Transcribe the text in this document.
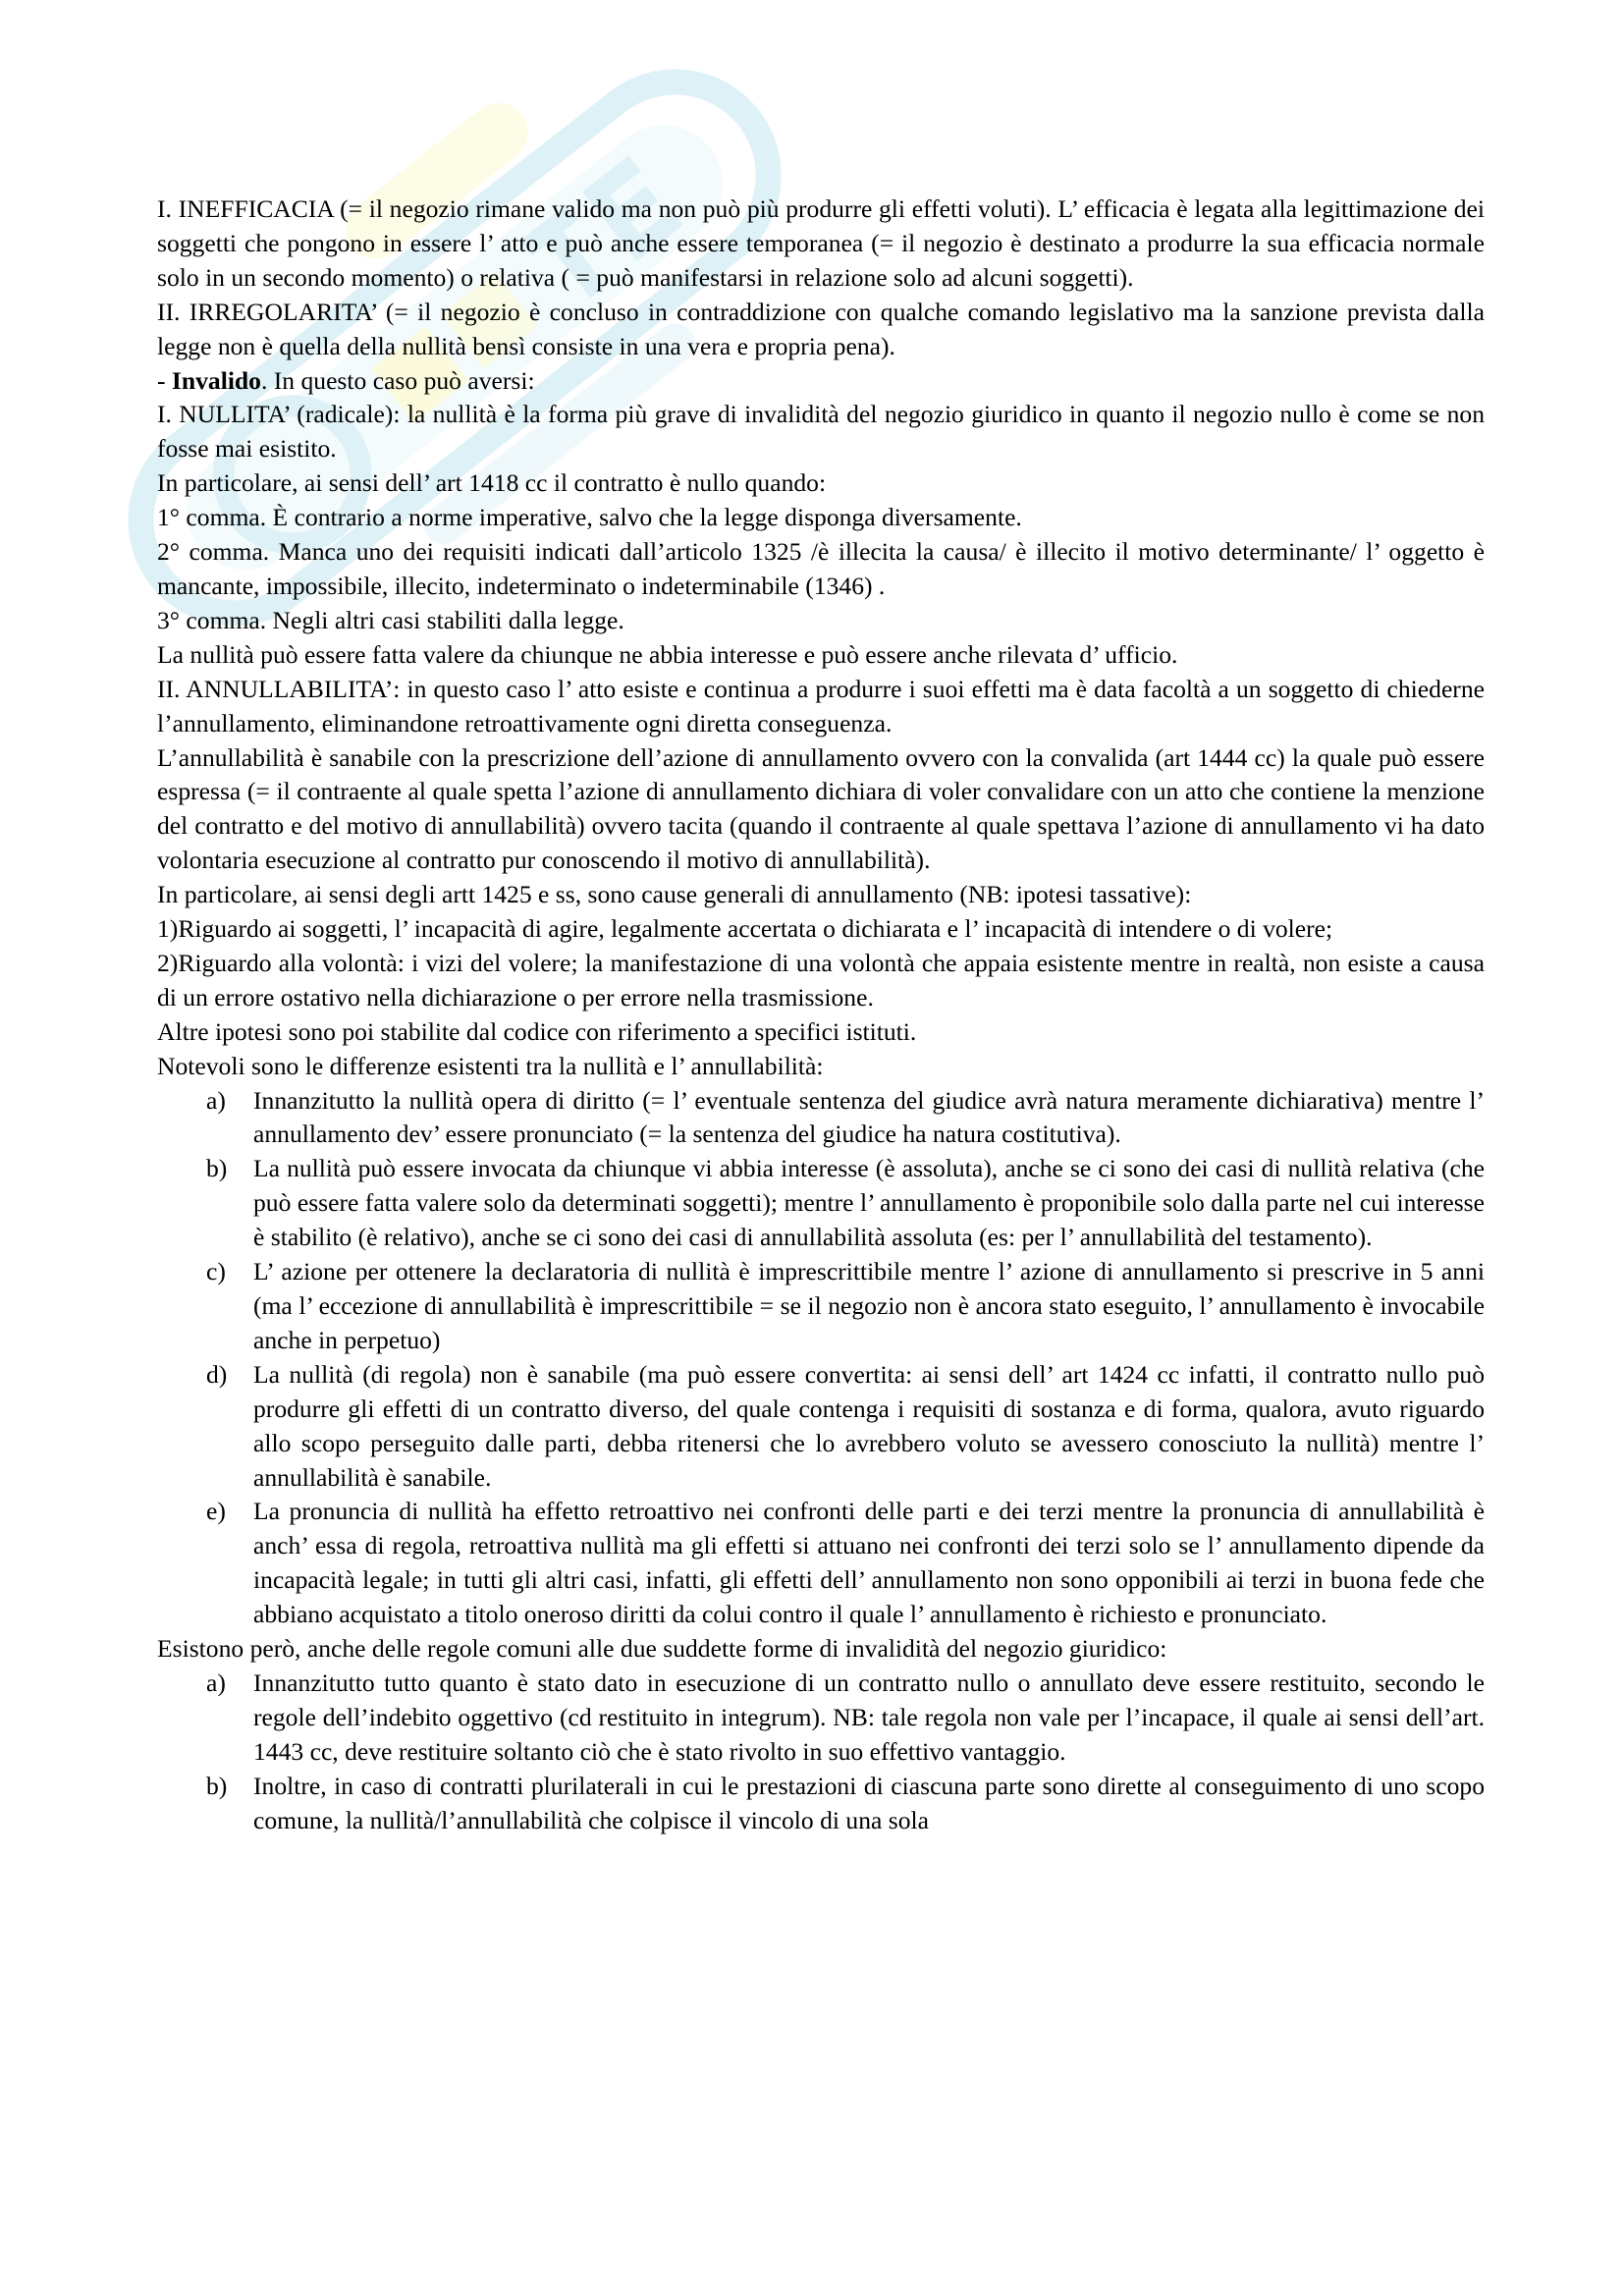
I. INEFFICACIA (= il negozio rimane valido ma non può più produrre gli effetti voluti). L’ efficacia è legata alla legittimazione dei soggetti che pongono in essere l’ atto e può anche essere temporanea (= il negozio è destinato a produrre la sua efficacia normale solo in un secondo momento) o relativa ( = può manifestarsi in relazione solo ad alcuni soggetti).

II. IRREGOLARITA’ (= il negozio è concluso in contraddizione con qualche comando legislativo ma la sanzione prevista dalla legge non è quella della nullità bensì consiste in una vera e propria pena).

- Invalido. In questo caso può aversi:

I. NULLITA’ (radicale): la nullità è la forma più grave di invalidità del negozio giuridico in quanto il negozio nullo è come se non fosse mai esistito.

In particolare, ai sensi dell’ art 1418 cc il contratto è nullo quando:

1° comma. È contrario a norme imperative, salvo che la legge disponga diversamente.

2° comma. Manca uno dei requisiti indicati dall’articolo 1325 /è illecita la causa/ è illecito il motivo determinante/ l’ oggetto è mancante, impossibile, illecito, indeterminato o indeterminabile (1346) .

3° comma. Negli altri casi stabiliti dalla legge.

La nullità può essere fatta valere da chiunque ne abbia interesse e può essere anche rilevata d’ ufficio.

II. ANNULLABILITA’: in questo caso l’ atto esiste e continua a produrre i suoi effetti ma è data facoltà a un soggetto di chiederne l’annullamento, eliminandone retroattivamente ogni diretta conseguenza.

L’annullabilità è sanabile con la prescrizione dell’azione di annullamento ovvero con la convalida (art 1444 cc) la quale può essere espressa (= il contraente al quale spetta l’azione di annullamento dichiara di voler convalidare con un atto che contiene la menzione del contratto e del motivo di annullabilità) ovvero tacita (quando il contraente al quale spettava l’azione di annullamento vi ha dato volontaria esecuzione al contratto pur conoscendo il motivo di annullabilità).

In particolare, ai sensi degli artt 1425 e ss, sono cause generali di annullamento (NB: ipotesi tassative):

1)Riguardo ai soggetti, l’ incapacità di agire, legalmente accertata o dichiarata e l’ incapacità di intendere o di volere;

2)Riguardo alla volontà: i vizi del volere; la manifestazione di una volontà che appaia esistente mentre in realtà, non esiste a causa di un errore ostativo nella dichiarazione o per errore nella trasmissione.

Altre ipotesi sono poi stabilite dal codice con riferimento a specifici istituti.

Notevoli sono le differenze esistenti tra la nullità e l’ annullabilità:

a) Innanzitutto la nullità opera di diritto (= l’ eventuale sentenza del giudice avrà natura meramente dichiarativa) mentre l’ annullamento dev’ essere pronunciato (= la sentenza del giudice ha natura costitutiva).
b) La nullità può essere invocata da chiunque vi abbia interesse (è assoluta), anche se ci sono dei casi di nullità relativa (che può essere fatta valere solo da determinati soggetti); mentre l’ annullamento è proponibile solo dalla parte nel cui interesse è stabilito (è relativo), anche se ci sono dei casi di annullabilità assoluta (es: per l’ annullabilità del testamento).
c) L’ azione per ottenere la declaratoria di nullità è imprescrittibile mentre l’ azione di annullamento si prescrive in 5 anni (ma l’ eccezione di annullabilità è imprescrittibile = se il negozio non è ancora stato eseguito, l’ annullamento è invocabile anche in perpetuo)
d) La nullità (di regola) non è sanabile (ma può essere convertita: ai sensi dell’ art 1424 cc infatti, il contratto nullo può produrre gli effetti di un contratto diverso, del quale contenga i requisiti di sostanza e di forma, qualora, avuto riguardo allo scopo perseguito dalle parti, debba ritenersi che lo avrebbero voluto se avessero conosciuto la nullità) mentre l’ annullabilità è sanabile.
e) La pronuncia di nullità ha effetto retroattivo nei confronti delle parti e dei terzi mentre la pronuncia di annullabilità è anch’ essa di regola, retroattiva nullità ma gli effetti si attuano nei confronti dei terzi solo se l’ annullamento dipende da incapacità legale; in tutti gli altri casi, infatti, gli effetti dell’ annullamento non sono opponibili ai terzi in buona fede che abbiano acquistato a titolo oneroso diritti da colui contro il quale l’ annullamento è richiesto e pronunciato.

Esistono però, anche delle regole comuni alle due suddette forme di invalidità del negozio giuridico:

a) Innanzitutto tutto quanto è stato dato in esecuzione di un contratto nullo o annullato deve essere restituito, secondo le regole dell’indebito oggettivo (cd restituito in integrum). NB: tale regola non vale per l’incapace, il quale ai sensi dell’art. 1443 cc, deve restituire soltanto ciò che è stato rivolto in suo effettivo vantaggio.
b) Inoltre, in caso di contratti plurilaterali in cui le prestazioni di ciascuna parte sono dirette al conseguimento di uno scopo comune, la nullità/l’annullabilità che colpisce il vincolo di una sola
